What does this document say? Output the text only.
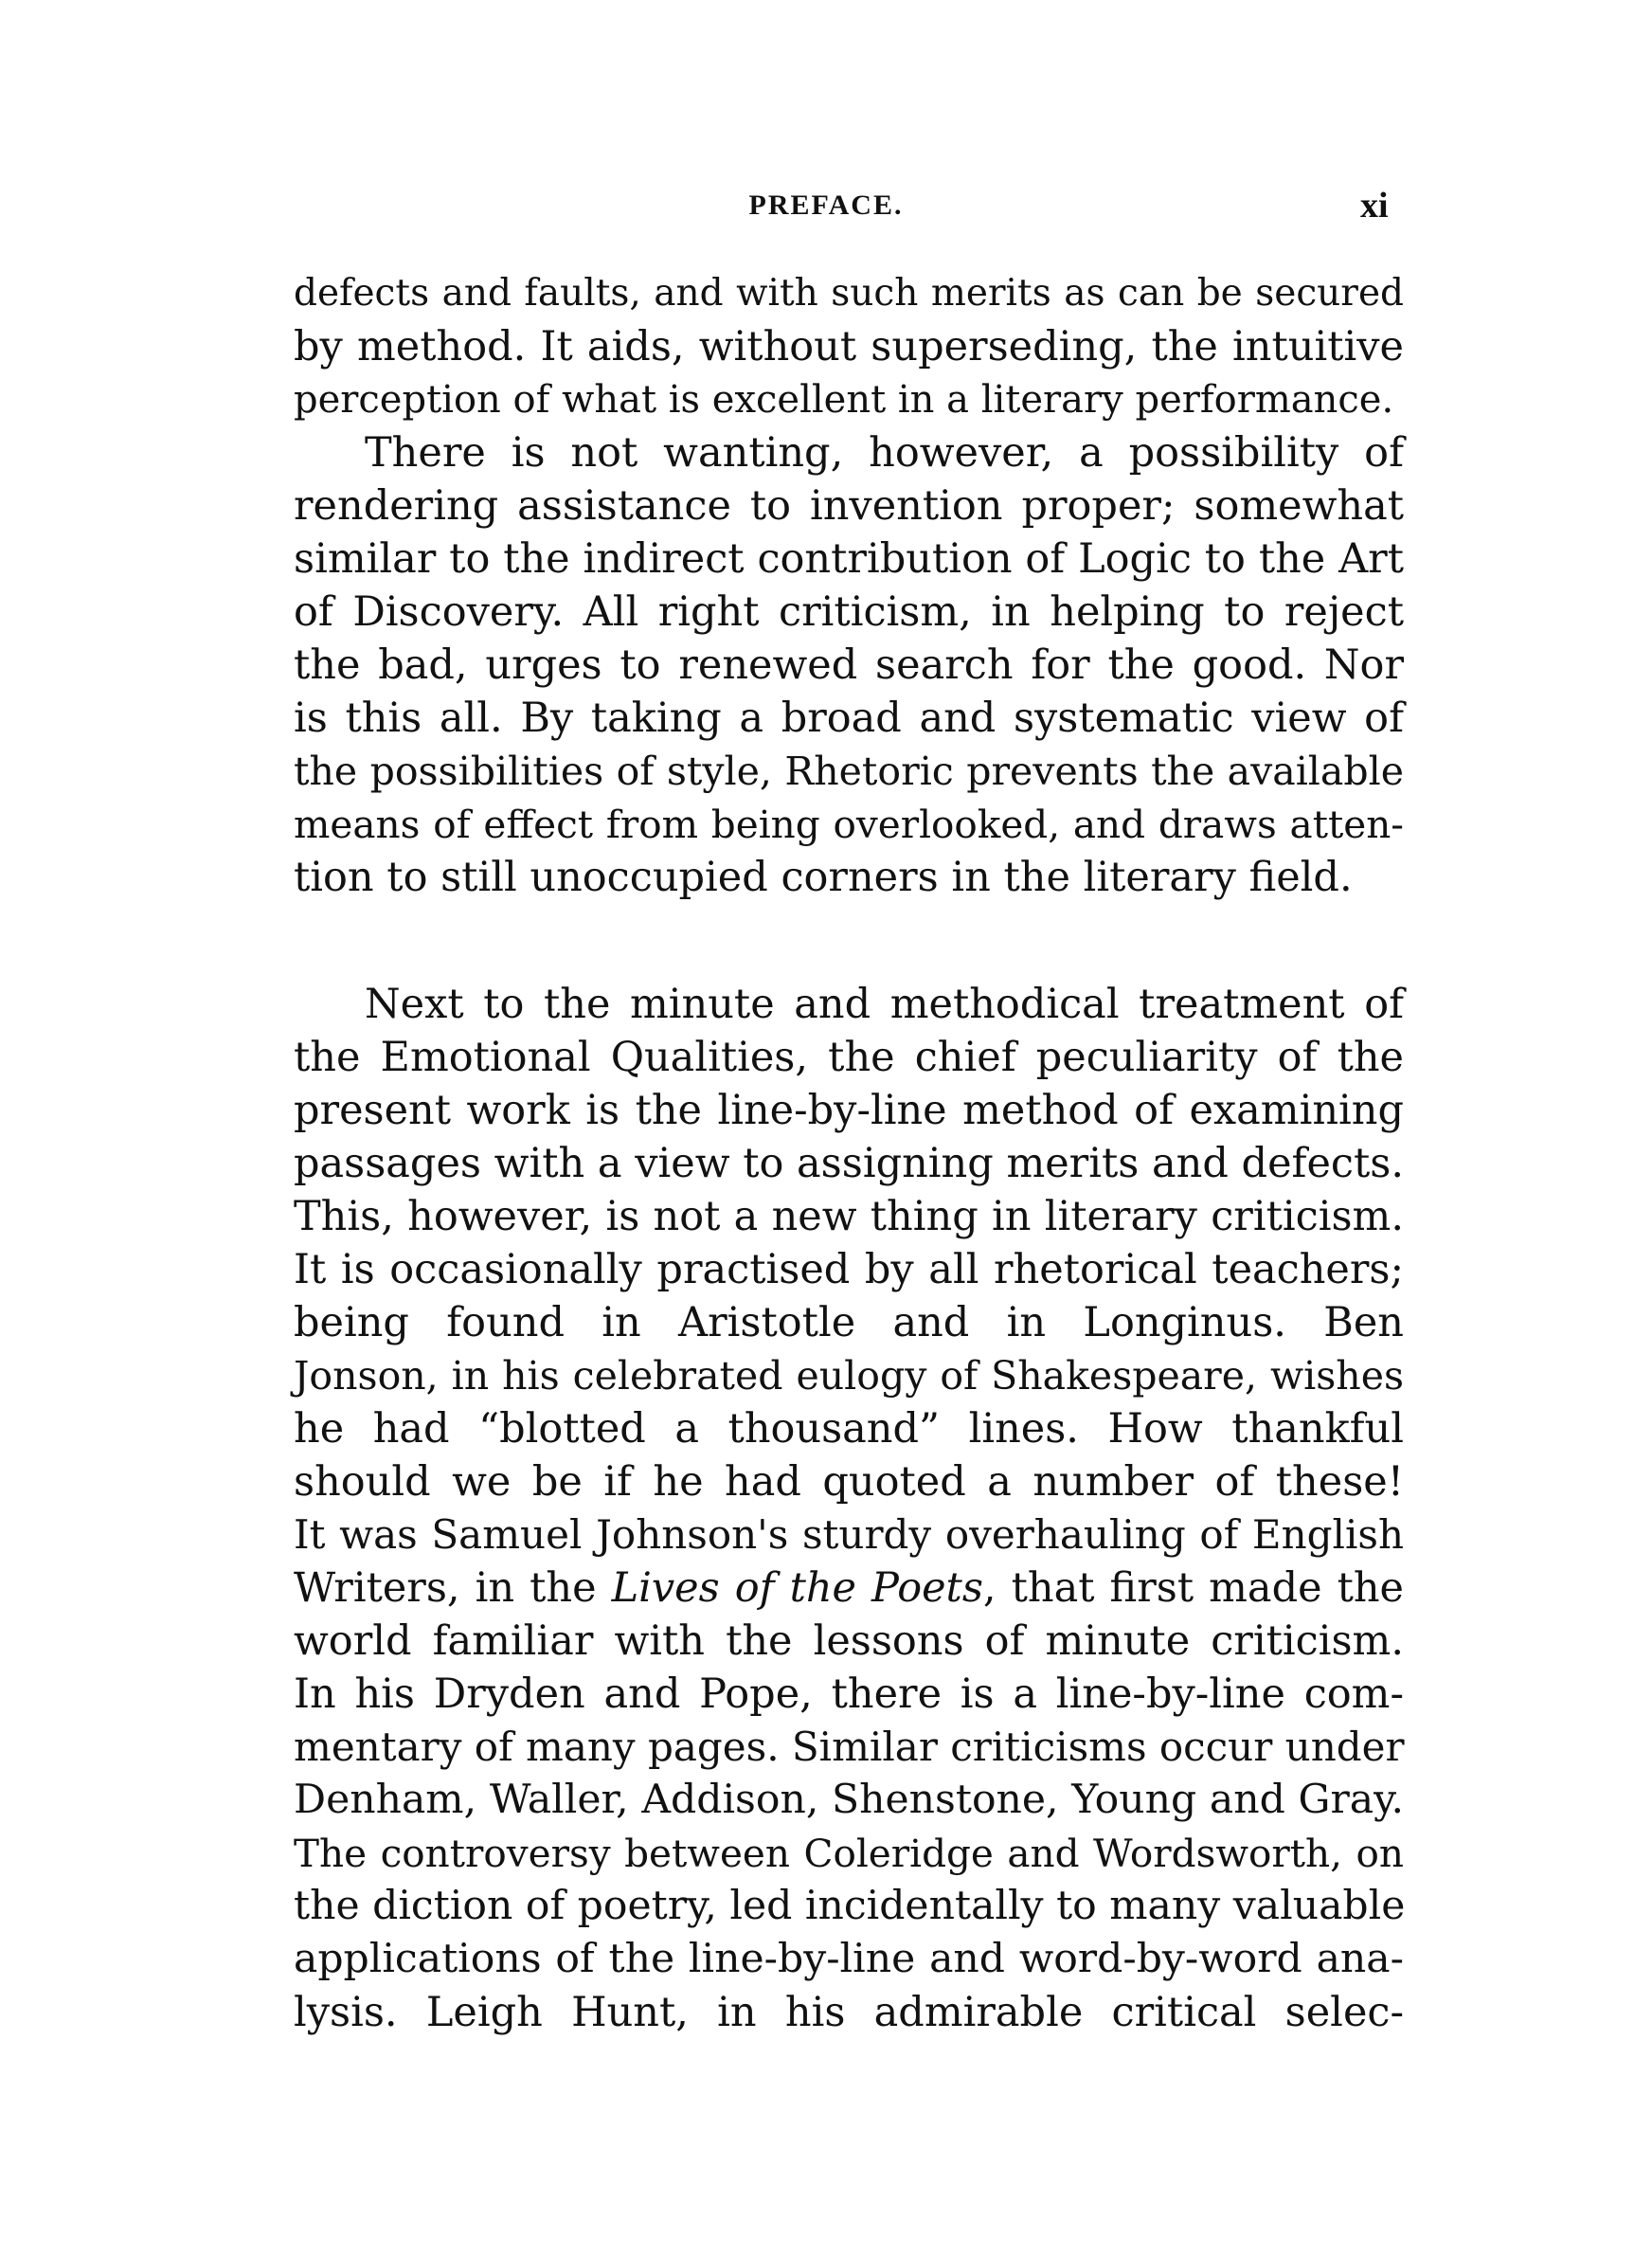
PREFACE.	xi
defects and faults, and with such merits as can be secured
by method. It aids, without superseding, the intuitive
perception of what is excellent in a literary performance.
There is not wanting, however, a possibility of
rendering assistance to invention proper; somewhat
similar to the indirect contribution of Logic to the Art
of Discovery. All right criticism, in helping to reject
the bad, urges to renewed search for the good. Nor
is this all. By taking a broad and systematic view of
the possibilities of style, Rhetoric prevents the available
means of effect from being overlooked, and draws atten-
tion to still unoccupied corners in the literary field.
Next to the minute and methodical treatment of
the Emotional Qualities, the chief peculiarity of the
present work is the line-by-line method of examining
passages with a view to assigning merits and defects.
This, however, is not a new thing in literary criticism.
It is occasionally practised by all rhetorical teachers;
being found in Aristotle and in Longinus. Ben
Jonson, in his celebrated eulogy of Shakespeare, wishes
he had “blotted a thousand” lines. How thankful
should we be if he had quoted a number of these!
It was Samuel Johnson's sturdy overhauling of English
Writers, in the Lives of the Poets, that first made the
world familiar with the lessons of minute criticism.
In his Dryden and Pope, there is a line-by-line com-
mentary of many pages. Similar criticisms occur under
Denham, Waller, Addison, Shenstone, Young and Gray.
The controversy between Coleridge and Wordsworth, on
the diction of poetry, led incidentally to many valuable
applications of the line-by-line and word-by-word ana-
lysis. Leigh Hunt, in his admirable critical selec-
